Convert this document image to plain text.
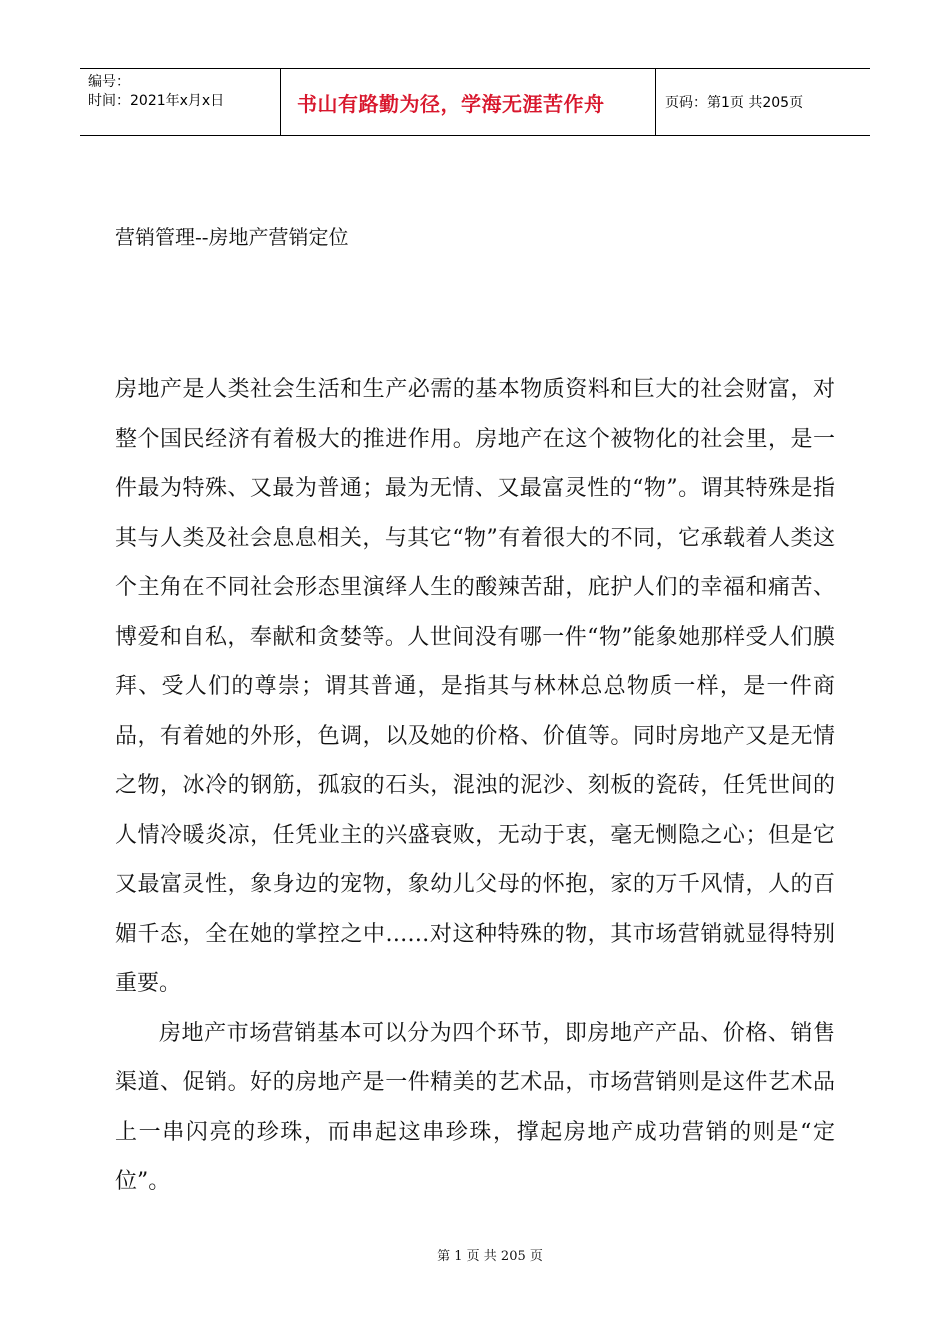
编号：
时间：2021年x月x日	书山有路勤为径，学海无涯苦作舟	页码：第1页 共205页
营销管理--房地产营销定位

房地产是人类社会生活和生产必需的基本物质资料和巨大的社会财富，对整个国民经济有着极大的推进作用。房地产在这个被物化的社会里，是一件最为特殊、又最为普通；最为无情、又最富灵性的“物”。谓其特殊是指其与人类及社会息息相关，与其它“物”有着很大的不同，它承载着人类这个主角在不同社会形态里演绎人生的酸辣苦甜，庇护人们的幸福和痛苦、博爱和自私，奉献和贪婪等。人世间没有哪一件“物”能象她那样受人们膜拜、受人们的尊崇；谓其普通，是指其与林林总总物质一样，是一件商品，有着她的外形，色调，以及她的价格、价值等。同时房地产又是无情之物，冰冷的钢筋，孤寂的石头，混浊的泥沙、刻板的瓷砖，任凭世间的人情冷暖炎凉，任凭业主的兴盛衰败，无动于衷，毫无恻隐之心；但是它又最富灵性，象身边的宠物，象幼儿父母的怀抱，家的万千风情，人的百媚千态，全在她的掌控之中……对这种特殊的物，其市场营销就显得特别重要。

房地产市场营销基本可以分为四个环节，即房地产产品、价格、销售渠道、促销。好的房地产是一件精美的艺术品，市场营销则是这件艺术品上一串闪亮的珍珠，而串起这串珍珠，撑起房地产成功营销的则是“定位”。

第 1 页 共 205 页
